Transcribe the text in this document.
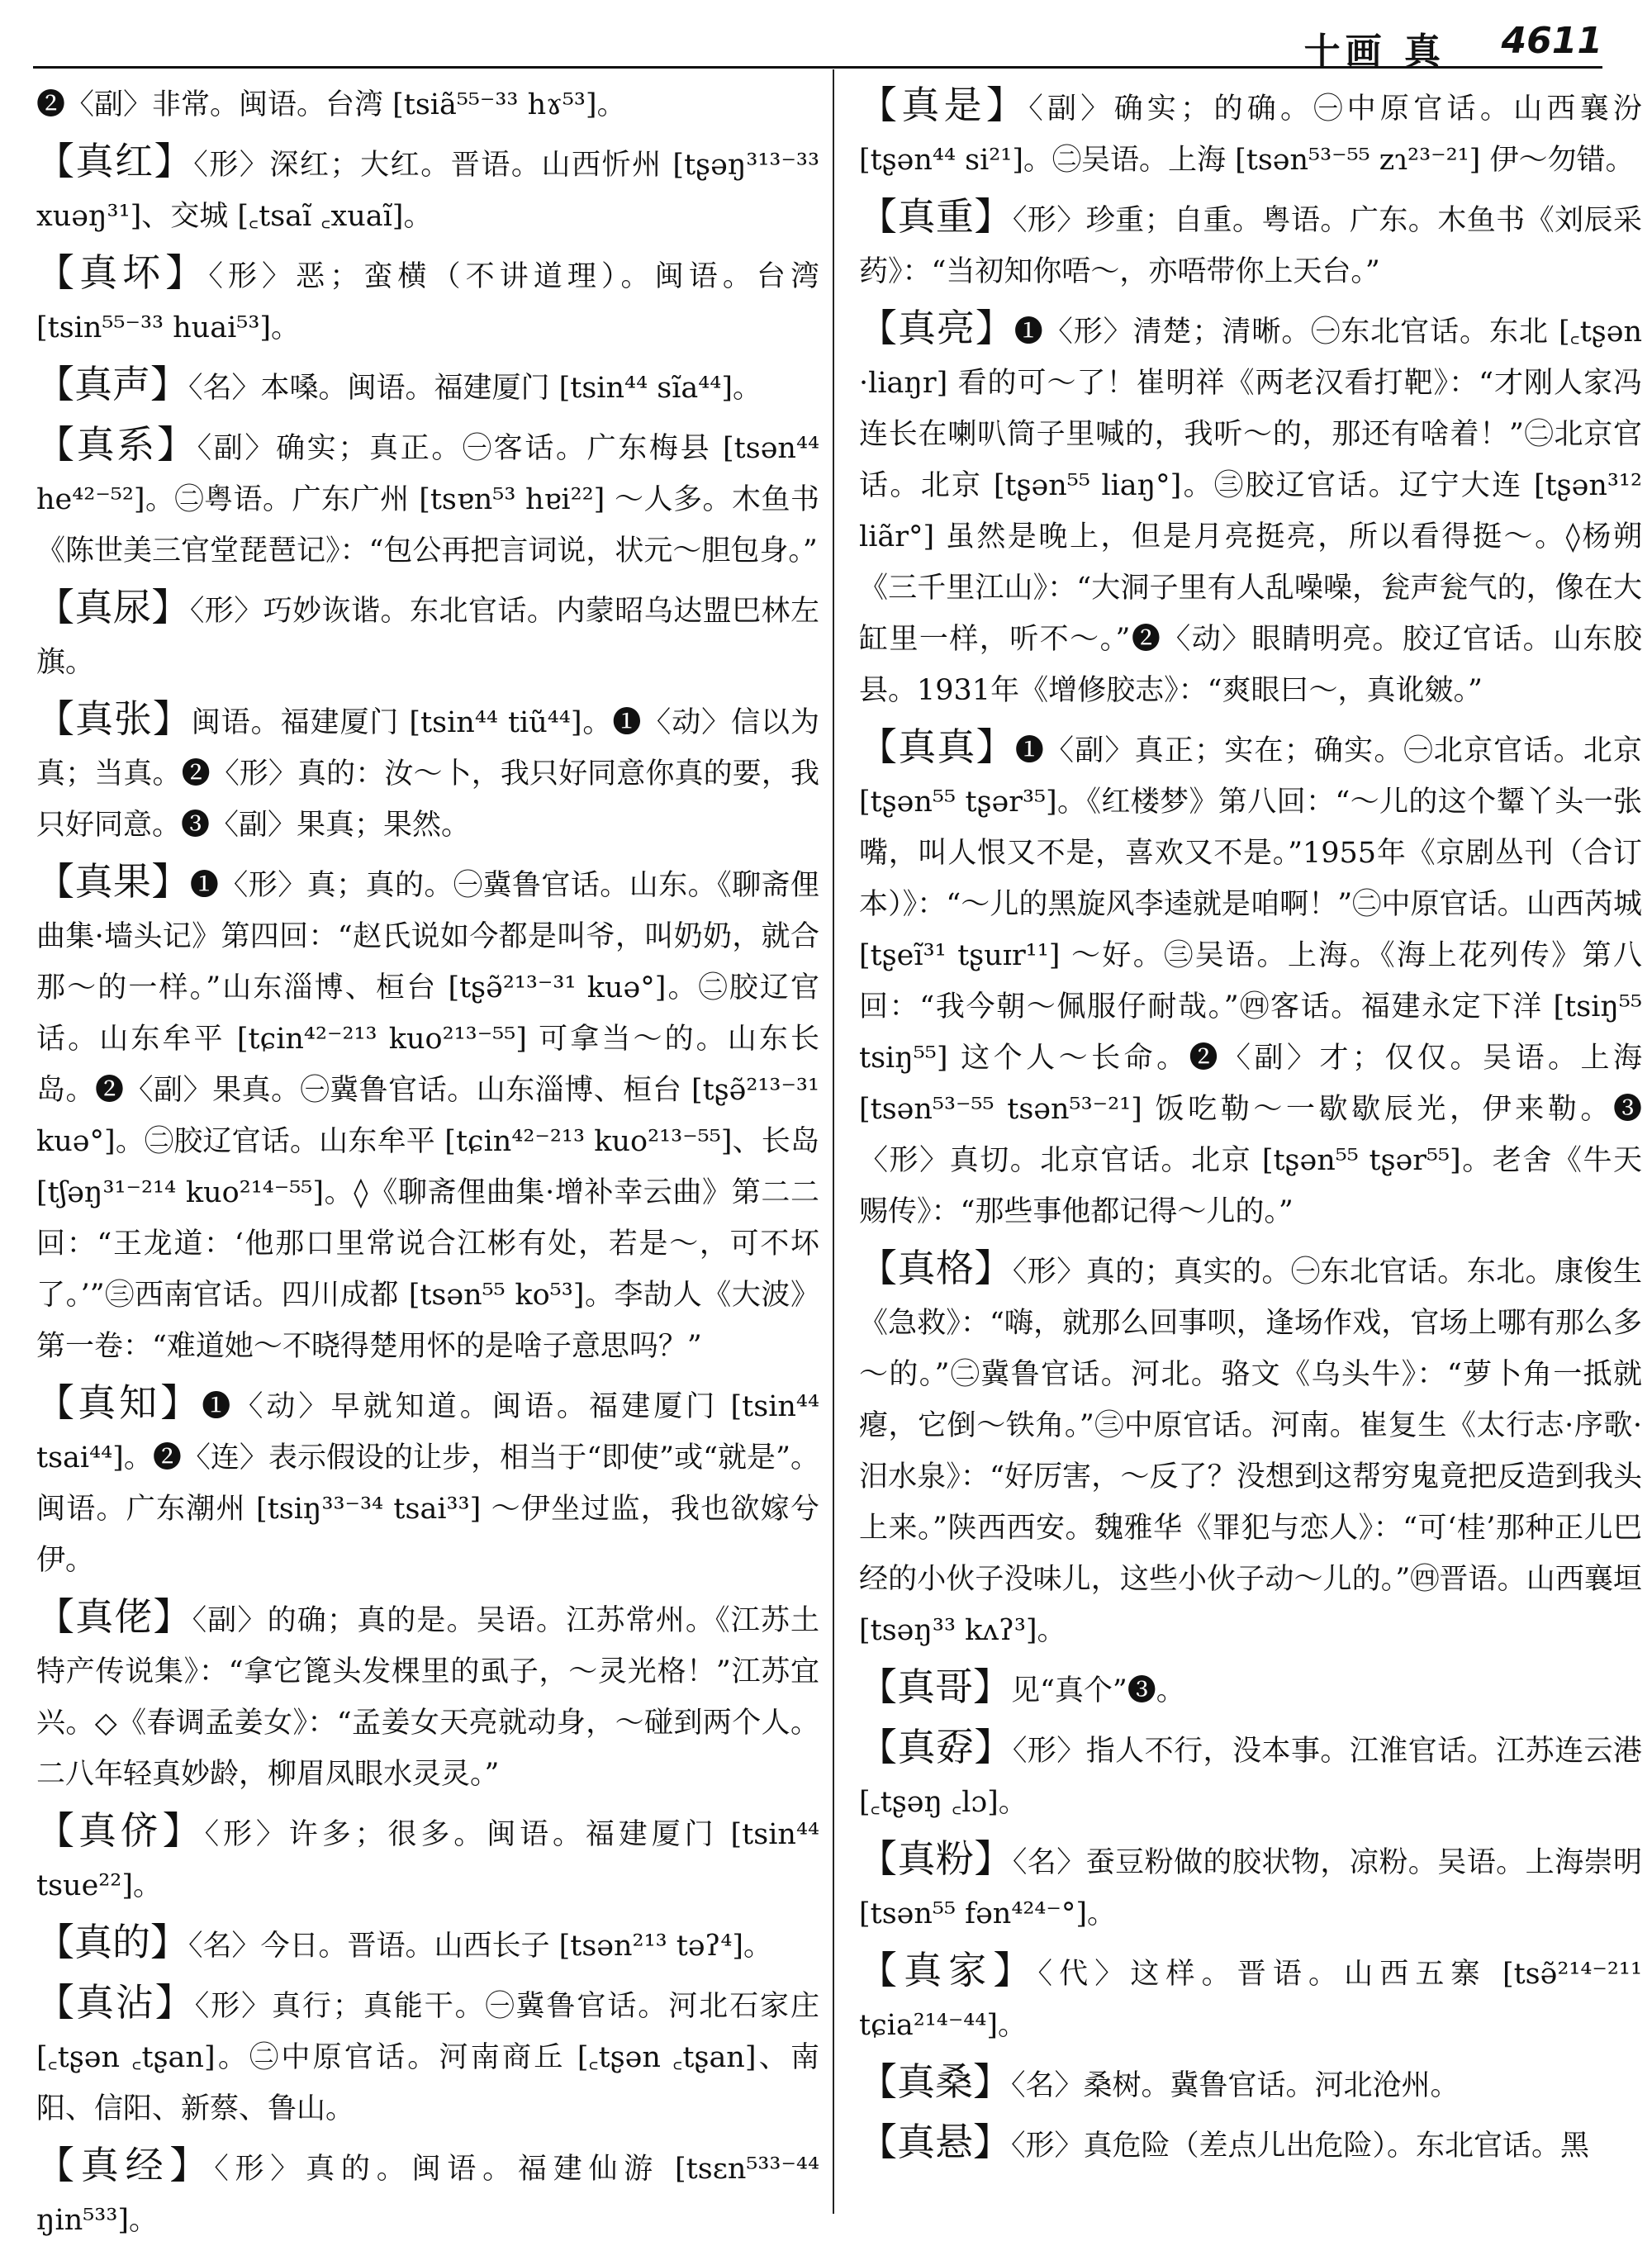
十画 真 4611

❷〈副〉非常。闽语。台湾 [tsiã⁵⁵⁻³³ hɤ⁵³]。

【真红】〈形〉深红；大红。晋语。山西忻州 [tʂəŋ³¹³⁻³³ xuəŋ³¹]、交城 [꜀tsaĩ ꜀xuaĩ]。

【真坏】〈形〉恶；蛮横（不讲道理）。闽语。台湾 [tsin⁵⁵⁻³³ huai⁵³]。

【真声】〈名〉本嗓。闽语。福建厦门 [tsin⁴⁴ sĩa⁴⁴]。

【真系】〈副〉确实；真正。㊀客话。广东梅县 [tsən⁴⁴ he⁴²⁻⁵²]。㊁粤语。广东广州 [tsɐn⁵³ hɐi²²] ～人多。木鱼书《陈世美三官堂琵琶记》：“包公再把言词说，状元～胆包身。”

【真尿】〈形〉巧妙诙谐。东北官话。内蒙昭乌达盟巴林左旗。

【真张】闽语。福建厦门 [tsin⁴⁴ tiũ⁴⁴]。❶〈动〉信以为真；当真。❷〈形〉真的：汝～卜，我只好同意你真的要，我只好同意。❸〈副〉果真；果然。

【真果】❶〈形〉真；真的。㊀冀鲁官话。山东。《聊斋俚曲集·墙头记》第四回：“赵氏说如今都是叫爷，叫奶奶，就合那～的一样。”山东淄博、桓台 [tʂə̃²¹³⁻³¹ kuə°]。㊁胶辽官话。山东牟平 [tɕin⁴²⁻²¹³ kuo²¹³⁻⁵⁵] 可拿当～的。山东长岛。❷〈副〉果真。㊀冀鲁官话。山东淄博、桓台 [tʂə̃²¹³⁻³¹ kuə°]。㊁胶辽官话。山东牟平 [tɕin⁴²⁻²¹³ kuo²¹³⁻⁵⁵]、长岛 [tʃəŋ³¹⁻²¹⁴ kuo²¹⁴⁻⁵⁵]。◊《聊斋俚曲集·增补幸云曲》第二二回：“王龙道：‘他那口里常说合江彬有处，若是～，可不坏了。’”㊂西南官话。四川成都 [tsən⁵⁵ ko⁵³]。李劼人《大波》第一卷：“难道她～不晓得楚用怀的是啥子意思吗？”

【真知】❶〈动〉早就知道。闽语。福建厦门 [tsin⁴⁴ tsai⁴⁴]。❷〈连〉表示假设的让步，相当于“即使”或“就是”。闽语。广东潮州 [tsiŋ³³⁻³⁴ tsai³³] ～伊坐过监，我也欲嫁兮伊。

【真佬】〈副〉的确；真的是。吴语。江苏常州。《江苏土特产传说集》：“拿它篦头发棵里的虱子，～灵光格！”江苏宜兴。◇《春调孟姜女》：“孟姜女天亮就动身，～碰到两个人。二八年轻真妙龄，柳眉凤眼水灵灵。”

【真侪】〈形〉许多；很多。闽语。福建厦门 [tsin⁴⁴ tsue²²]。

【真的】〈名〉今日。晋语。山西长子 [tsən²¹³ təʔ⁴]。

【真沾】〈形〉真行；真能干。㊀冀鲁官话。河北石家庄 [꜀tʂən ꜀tʂan]。㊁中原官话。河南商丘 [꜀tʂən ꜀tʂan]、南阳、信阳、新蔡、鲁山。

【真经】〈形〉真的。闽语。福建仙游 [tsɛn⁵³³⁻⁴⁴ ŋin⁵³³]。

【真是】〈副〉确实；的确。㊀中原官话。山西襄汾 [tʂən⁴⁴ si²¹]。㊁吴语。上海 [tsən⁵³⁻⁵⁵ zɿ²³⁻²¹] 伊～勿错。

【真重】〈形〉珍重；自重。粤语。广东。木鱼书《刘辰采药》：“当初知你唔～，亦唔带你上天台。”

【真亮】❶〈形〉清楚；清晰。㊀东北官话。东北 [꜀tʂən ·liaŋr] 看的可～了！崔明祥《两老汉看打靶》：“才刚人家冯连长在喇叭筒子里喊的，我听～的，那还有啥着！”㊁北京官话。北京 [tʂən⁵⁵ liaŋ°]。㊂胶辽官话。辽宁大连 [tʂən³¹² liãr°] 虽然是晚上，但是月亮挺亮，所以看得挺～。◊杨朔《三千里江山》：“大洞子里有人乱噪噪，瓮声瓮气的，像在大缸里一样，听不～。”❷〈动〉眼睛明亮。胶辽官话。山东胶县。1931年《增修胶志》：“爽眼曰～，真讹皴。”

【真真】❶〈副〉真正；实在；确实。㊀北京官话。北京 [tʂən⁵⁵ tʂər³⁵]。《红楼梦》第八回：“～儿的这个颦丫头一张嘴，叫人恨又不是，喜欢又不是。”1955年《京剧丛刊（合订本）》：“～儿的黑旋风李逵就是咱啊！”㊁中原官话。山西芮城 [tʂeĩ³¹ tʂuɪr¹¹] ～好。㊂吴语。上海。《海上花列传》第八回：“我今朝～佩服仔耐哉。”㊃客话。福建永定下洋 [tsiŋ⁵⁵ tsiŋ⁵⁵] 这个人～长命。❷〈副〉才；仅仅。吴语。上海 [tsən⁵³⁻⁵⁵ tsən⁵³⁻²¹] 饭吃勒～一歇歇辰光，伊来勒。❸〈形〉真切。北京官话。北京 [tʂən⁵⁵ tʂər⁵⁵]。老舍《牛天赐传》：“那些事他都记得～儿的。”

【真格】〈形〉真的；真实的。㊀东北官话。东北。康俊生《急救》：“嗨，就那么回事呗，逢场作戏，官场上哪有那么多～的。”㊁冀鲁官话。河北。骆文《乌头牛》：“萝卜角一抵就瘪，它倒～铁角。”㊂中原官话。河南。崔复生《太行志·序歌·汨水泉》：“好厉害，～反了？没想到这帮穷鬼竟把反造到我头上来。”陕西西安。魏雅华《罪犯与恋人》：“可‘桂’那种正儿巴经的小伙子没味儿，这些小伙子动～儿的。”㊃晋语。山西襄垣 [tsəŋ³³ kʌʔ³]。

【真哥】见“真个”❸。

【真孬】〈形〉指人不行，没本事。江淮官话。江苏连云港 [꜀tʂəŋ ꜀lɔ]。

【真粉】〈名〉蚕豆粉做的胶状物，凉粉。吴语。上海崇明 [tsən⁵⁵ fən⁴²⁴⁻°]。

【真家】〈代〉这样。晋语。山西五寨 [tsə̃²¹⁴⁻²¹¹ tɕia²¹⁴⁻⁴⁴]。

【真桑】〈名〉桑树。冀鲁官话。河北沧州。

【真悬】〈形〉真危险（差点儿出危险）。东北官话。黑
